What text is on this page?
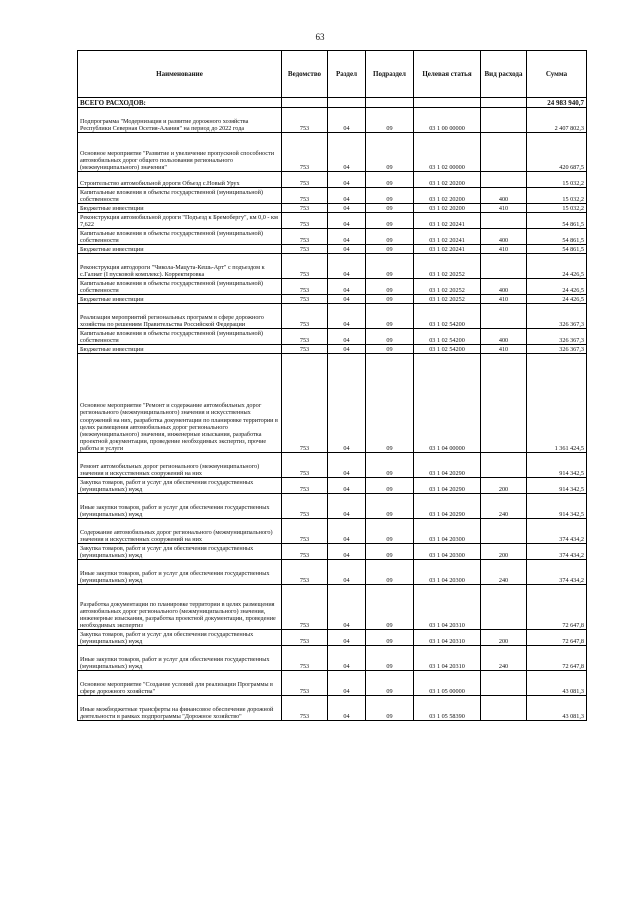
63
Наименование	Ведомство	Раздел	Подраздел	Целевая статья	Вид расхода	Сумма
ВСЕГО РАСХОДОВ:						24 983 940,7
Подпрограмма "Модернизация и развитие дорожного хозяйства Республики Северная Осетия-Алания" на период до 2022 года	753	04	09	03 1 00 00000		2 407 802,3
Основное мероприятие "Развитие и увеличение пропускной способности автомобильных дорог общего пользования регионального (межмуниципального) значения"	753	04	09	03 1 02 00000		420 687,5
Строительство автомобильной дороги Объезд с.Новый Урух	753	04	09	03 1 02 20200		15 032,2
Капитальные вложения в объекты государственной (муниципальной) собственности	753	04	09	03 1 02 20200	400	15 032,2
Бюджетные инвестиции	753	04	09	03 1 02 20200	410	15 032,2
Реконструкция автомобильной дороги "Подъезд к Бремобергу", км 0,0 - км 7,622	753	04	09	03 1 02 20241		54 861,5
Капитальные вложения в объекты государственной (муниципальной) собственности	753	04	09	03 1 02 20241	400	54 861,5
Бюджетные инвестиции	753	04	09	03 1 02 20241	410	54 861,5
Реконструкция автодороги "Чиколa-Мацута-Кешь-Арт" с подъездом к с.Галиат (I пусковой комплекс). Корректировка	753	04	09	03 1 02 20252		24 426,5
Капитальные вложения в объекты государственной (муниципальной) собственности	753	04	09	03 1 02 20252	400	24 426,5
Бюджетные инвестиции	753	04	09	03 1 02 20252	410	24 426,5
Реализация мероприятий региональных программ в сфере дорожного хозяйства по решениям Правительства Российской Федерации	753	04	09	03 1 02 54200		326 367,3
Капитальные вложения в объекты государственной (муниципальной) собственности	753	04	09	03 1 02 54200	400	326 367,3
Бюджетные инвестиции	753	04	09	03 1 02 54200	410	326 367,3
Основное мероприятие "Ремонт и содержание автомобильных дорог регионального (межмуниципального) значения и искусственных сооружений на них, разработка документации по планировке территории в целях размещения автомобильных дорог регионального (межмуниципального) значения, инженерные изыскания, разработка проектной документации, проведение необходимых экспертиз, прочие работы и услуги	753	04	09	03 1 04 00000		1 361 424,5
Ремонт автомобильных дорог регионального (межмуниципального) значения и искусственных сооружений на них	753	04	09	03 1 04 20290		914 342,5
Закупка товаров, работ и услуг для обеспечения государственных (муниципальных) нужд	753	04	09	03 1 04 20290	200	914 342,5
Иные закупки товаров, работ и услуг для обеспечения государственных (муниципальных) нужд	753	04	09	03 1 04 20290	240	914 342,5
Содержание автомобильных дорог регионального (межмуниципального) значения и искусственных сооружений на них	753	04	09	03 1 04 20300		374 434,2
Закупка товаров, работ и услуг для обеспечения государственных (муниципальных) нужд	753	04	09	03 1 04 20300	200	374 434,2
Иные закупки товаров, работ и услуг для обеспечения государственных (муниципальных) нужд	753	04	09	03 1 04 20300	240	374 434,2
Разработка документации по планировке территории в целях размещения автомобильных дорог регионального (межмуниципального) значения, инженерные изыскания, разработка проектной документации, проведение необходимых экспертиз	753	04	09	03 1 04 20310		72 647,8
Закупка товаров, работ и услуг для обеспечения государственных (муниципальных) нужд	753	04	09	03 1 04 20310	200	72 647,8
Иные закупки товаров, работ и услуг для обеспечения государственных (муниципальных) нужд	753	04	09	03 1 04 20310	240	72 647,8
Основное мероприятие "Создание условий для реализации Программы в сфере дорожного хозяйства"	753	04	09	03 1 05 00000		43 081,3
Иные межбюджетные трансферты на финансовое обеспечение дорожной деятельности в рамках подпрограммы "Дорожное хозяйство"	753	04	09	03 1 05 58390		43 081,3
